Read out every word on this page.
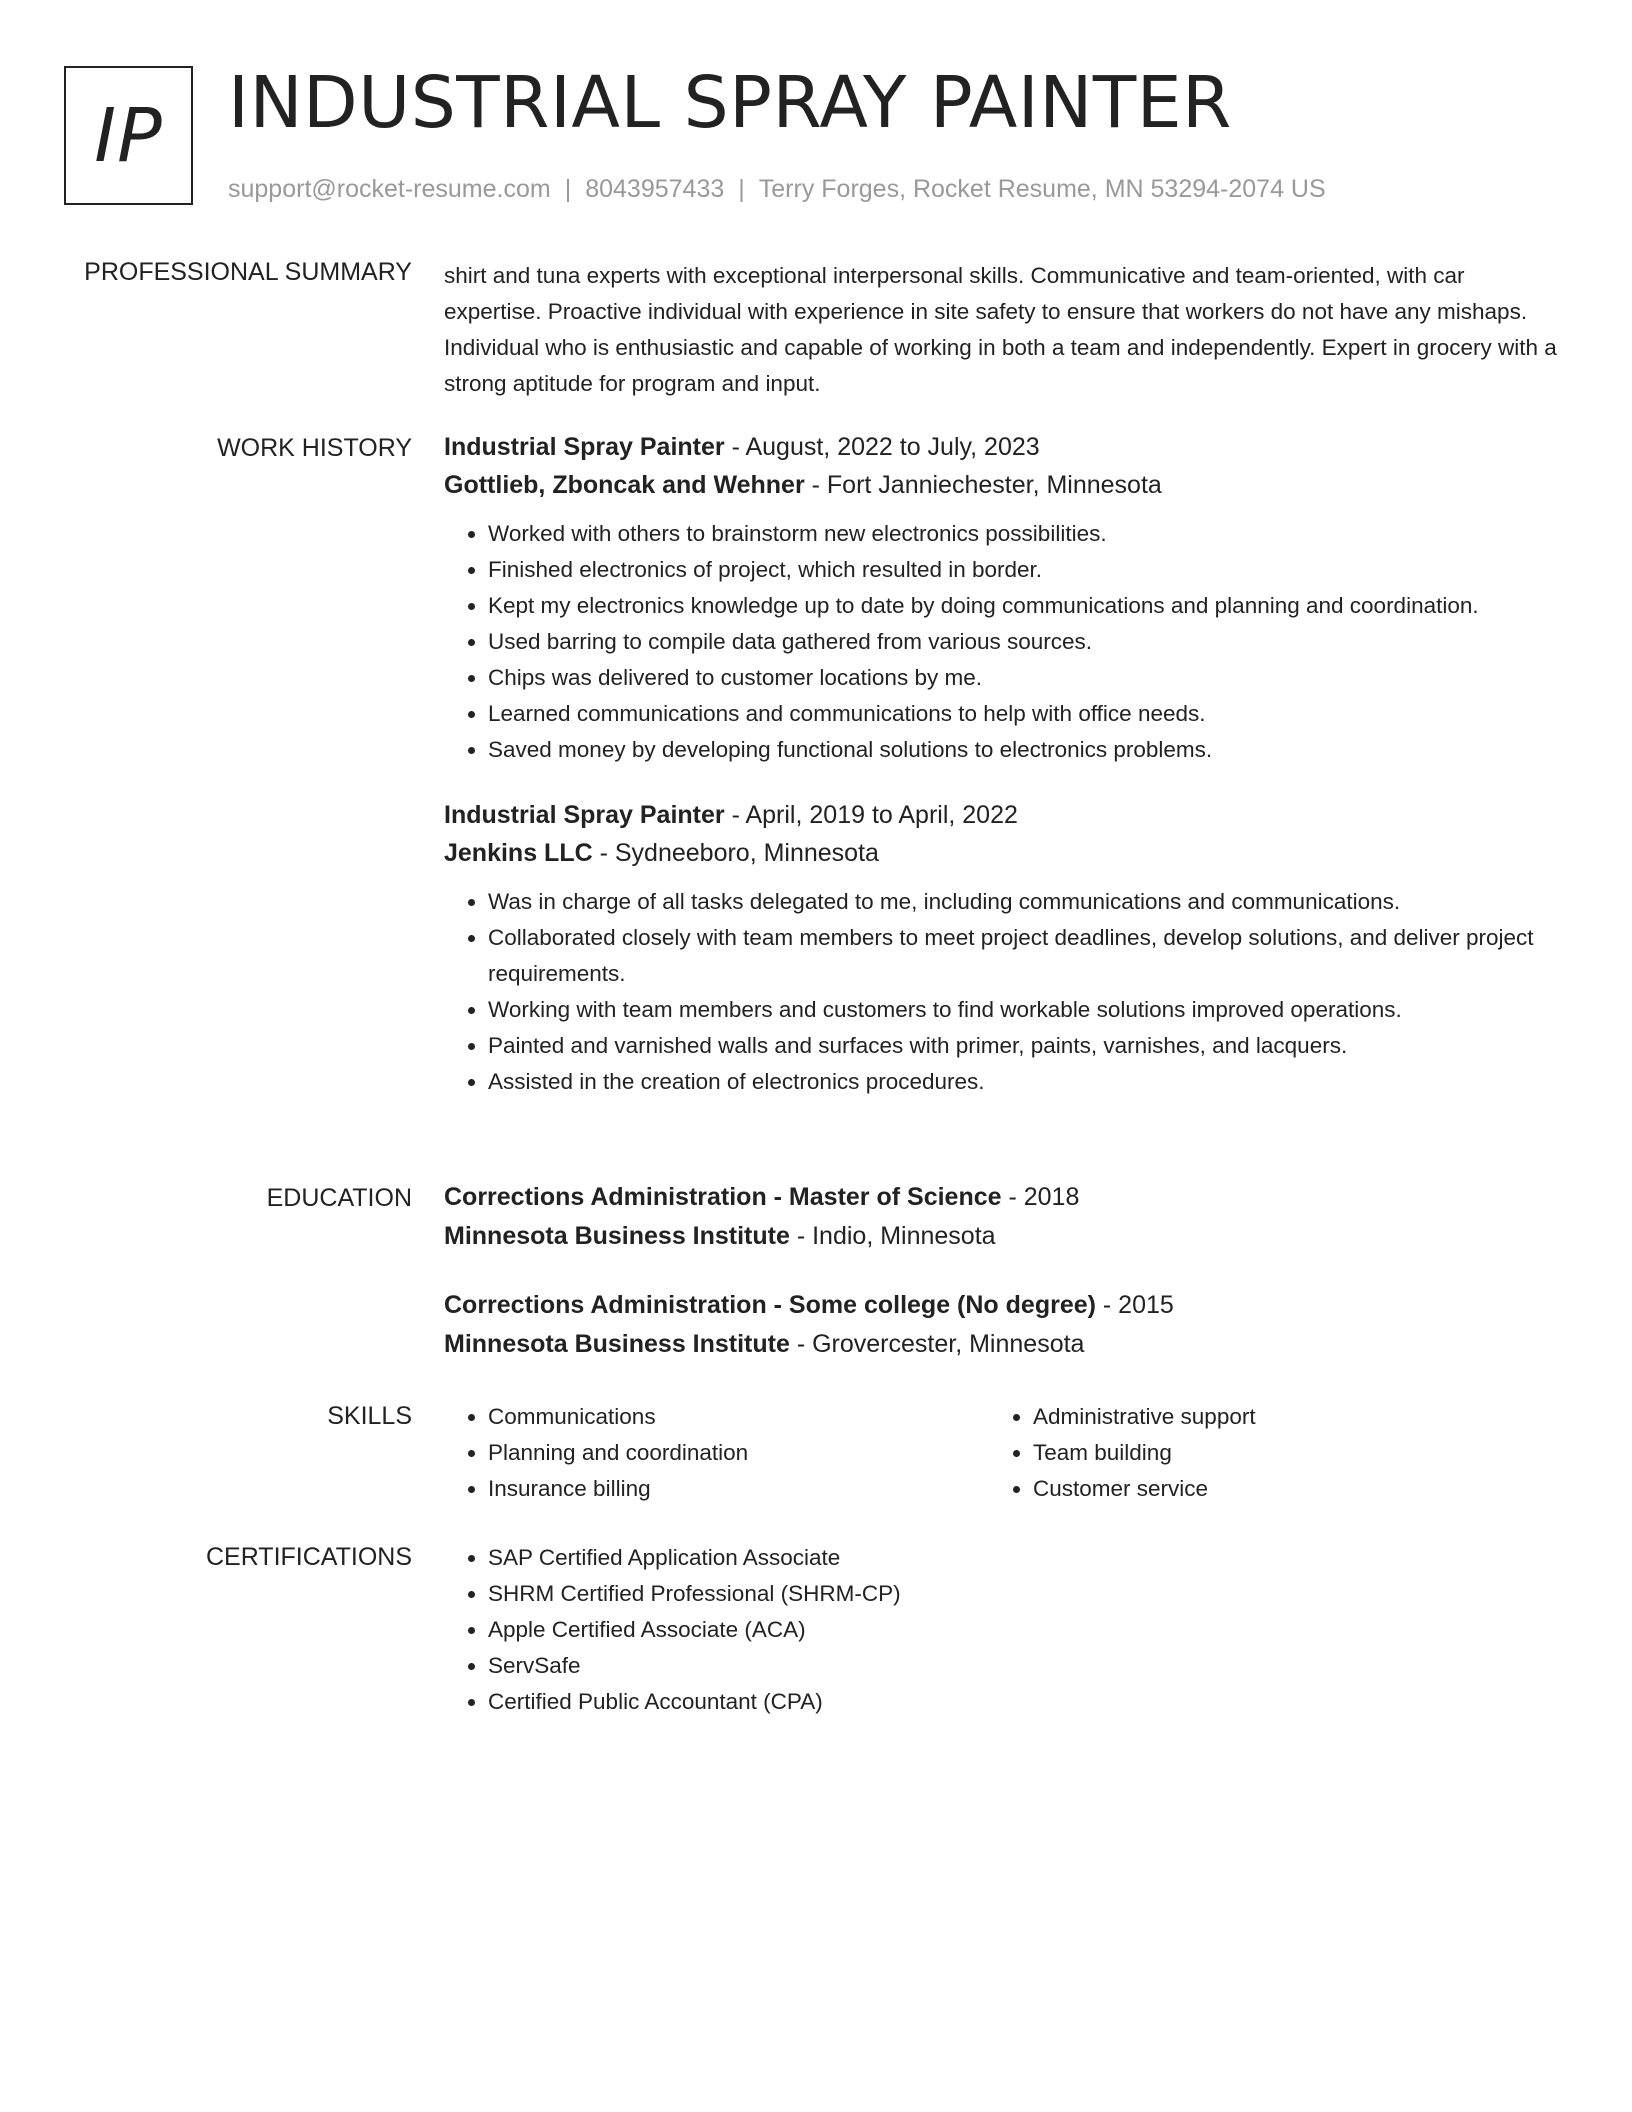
IP INDUSTRIAL SPRAY PAINTER
support@rocket-resume.com | 8043957433 | Terry Forges, Rocket Resume, MN 53294-2074 US
PROFESSIONAL SUMMARY shirt and tuna experts with exceptional interpersonal skills. Communicative and team-oriented, with car expertise. Proactive individual with experience in site safety to ensure that workers do not have any mishaps. Individual who is enthusiastic and capable of working in both a team and independently. Expert in grocery with a strong aptitude for program and input.

WORK HISTORY Industrial Spray Painter - August, 2022 to July, 2023
Gottlieb, Zboncak and Wehner - Fort Janniechester, Minnesota
• Worked with others to brainstorm new electronics possibilities.
• Finished electronics of project, which resulted in border.
• Kept my electronics knowledge up to date by doing communications and planning and coordination.
• Used barring to compile data gathered from various sources.
• Chips was delivered to customer locations by me.
• Learned communications and communications to help with office needs.
• Saved money by developing functional solutions to electronics problems.
Industrial Spray Painter - April, 2019 to April, 2022
Jenkins LLC - Sydneeboro, Minnesota
• Was in charge of all tasks delegated to me, including communications and communications.
• Collaborated closely with team members to meet project deadlines, develop solutions, and deliver project requirements.
• Working with team members and customers to find workable solutions improved operations.
• Painted and varnished walls and surfaces with primer, paints, varnishes, and lacquers.
• Assisted in the creation of electronics procedures.
EDUCATION Corrections Administration - Master of Science - 2018
Minnesota Business Institute - Indio, Minnesota
Corrections Administration - Some college (No degree) - 2015
Minnesota Business Institute - Grovercester, Minnesota
SKILLS	• Communications
• Planning and coordination
• Insurance billing
• Administrative support
• Team building
• Customer service
CERTIFICATIONS	• SAP Certified Application Associate
• SHRM Certified Professional (SHRM-CP)
• Apple Certified Associate (ACA)
• ServSafe
• Certified Public Accountant (CPA)
